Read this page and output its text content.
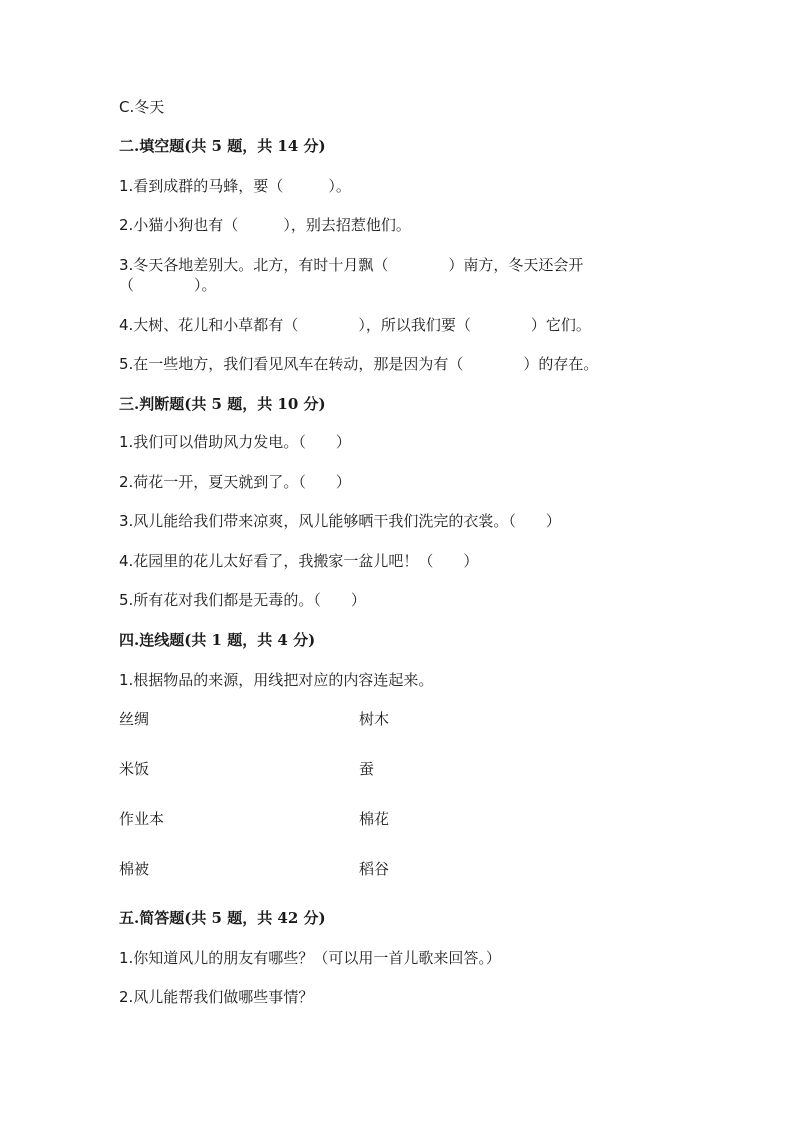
C.冬天
二.填空题(共 5 题，共 14 分)
1.看到成群的马蜂，要（　　　）。
2.小猫小狗也有（　　　），别去招惹他们。
3.冬天各地差别大。北方，有时十月飘（　　　　）南方，冬天还会开
（　　　　）。
4.大树、花儿和小草都有（　　　　），所以我们要（　　　　）它们。
5.在一些地方，我们看见风车在转动，那是因为有（　　　　）的存在。
三.判断题(共 5 题，共 10 分)
1.我们可以借助风力发电。（　　）
2.荷花一开，夏天就到了。（　　）
3.风儿能给我们带来凉爽，风儿能够晒干我们洗完的衣裳。（　　）
4.花园里的花儿太好看了，我搬家一盆儿吧！（　　）
5.所有花对我们都是无毒的。（　　）
四.连线题(共 1 题，共 4 分)
1.根据物品的来源，用线把对应的内容连起来。
丝绸	树木
米饭	蚕
作业本	棉花
棉被	稻谷
五.简答题(共 5 题，共 42 分)
1.你知道风儿的朋友有哪些？（可以用一首儿歌来回答。）
2.风儿能帮我们做哪些事情？
